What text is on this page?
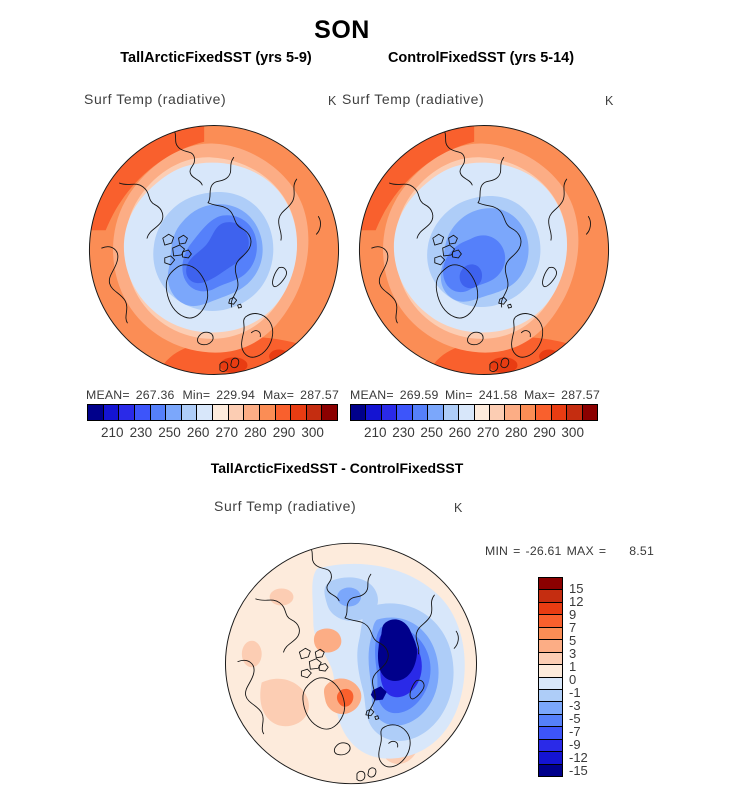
SON
TallArcticFixedSST (yrs 5-9)	ControlFixedSST (yrs 5-14)
Surf Temp (radiative)	K Surf Temp (radiative)	K
MEAN= 267.36 Min= 229.94 Max= 287.57 MEAN= 269.59 Min= 241.58 Max= 287.57
210 230 250 260 270 280 290 300	210 230 250 260 270 280 290 300
TallArcticFixedSST - ControlFixedSST
Surf Temp (radiative)	K
MIN = -26.61 MAX = 8.51
15
12
9
7
5
3
1
0
-1
-3
-5
-7
-9
-12
-15
